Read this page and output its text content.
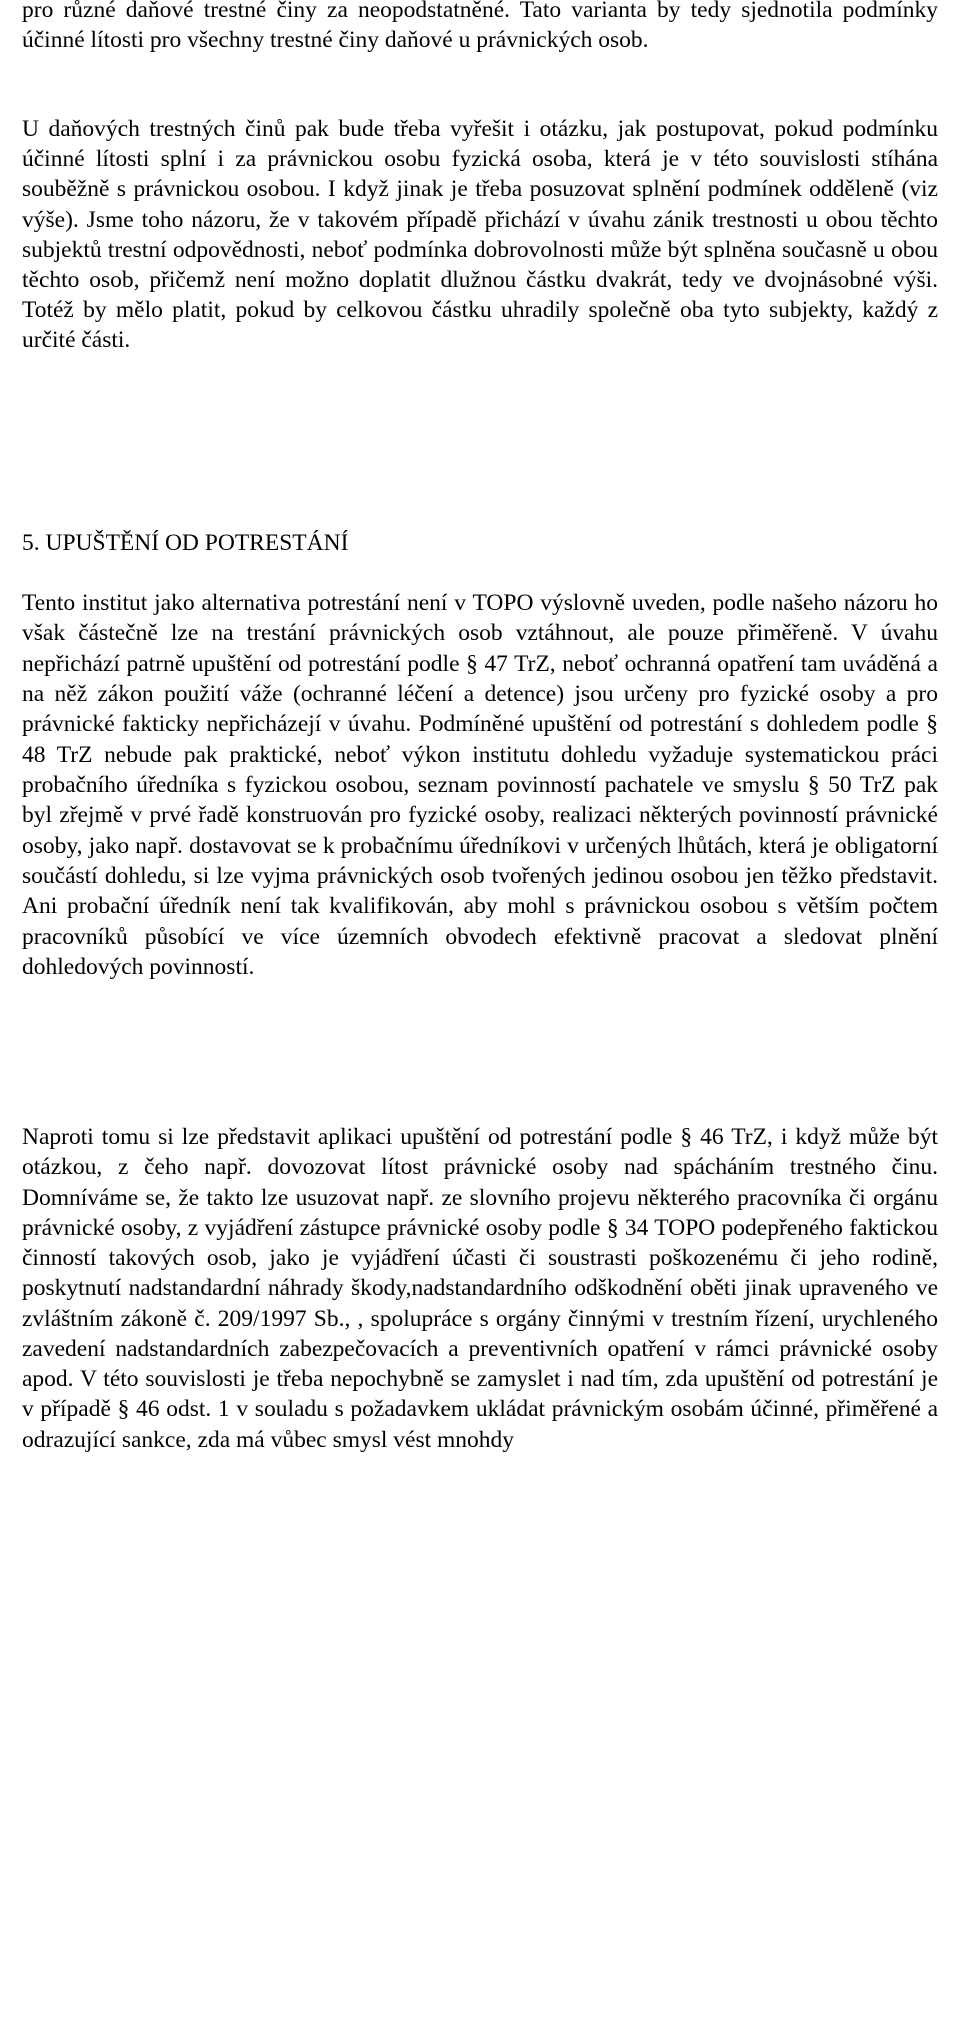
pro různé daňové trestné činy za neopodstatněné. Tato varianta by tedy sjednotila podmínky účinné lítosti pro všechny trestné činy daňové u právnických osob.

U daňových trestných činů pak bude třeba vyřešit i otázku, jak postupovat, pokud podmínku účinné lítosti splní i za právnickou osobu fyzická osoba, která je v této souvislosti stíhána souběžně s právnickou osobou. I když jinak je třeba posuzovat splnění podmínek odděleně (viz výše). Jsme toho názoru, že v takovém případě přichází v úvahu zánik trestnosti u obou těchto subjektů trestní odpovědnosti, neboť podmínka dobrovolnosti může být splněna současně u obou těchto osob, přičemž není možno doplatit dlužnou částku dvakrát, tedy ve dvojnásobné výši. Totéž by mělo platit, pokud by celkovou částku uhradily společně oba tyto subjekty, každý z určité části.

5. UPUŠTĚNÍ OD POTRESTÁNÍ

Tento institut jako alternativa potrestání není v TOPO výslovně uveden, podle našeho názoru ho však částečně lze na trestání právnických osob vztáhnout, ale pouze přiměřeně. V úvahu nepřichází patrně upuštění od potrestání podle § 47 TrZ, neboť ochranná opatření tam uváděná a na něž zákon použití váže (ochranné léčení a detence) jsou určeny pro fyzické osoby a pro právnické fakticky nepřicházejí v úvahu. Podmíněné upuštění od potrestání s dohledem podle § 48 TrZ nebude pak praktické, neboť výkon institutu dohledu vyžaduje systematickou práci probačního úředníka s fyzickou osobou, seznam povinností pachatele ve smyslu § 50 TrZ pak byl zřejmě v prvé řadě konstruován pro fyzické osoby, realizaci některých povinností právnické osoby, jako např. dostavovat se k probačnímu úředníkovi v určených lhůtách, která je obligatorní součástí dohledu, si lze vyjma právnických osob tvořených jedinou osobou jen těžko představit. Ani probační úředník není tak kvalifikován, aby mohl s právnickou osobou s větším počtem pracovníků působící ve více územních obvodech efektivně pracovat a sledovat plnění dohledových povinností.

Naproti tomu si lze představit aplikaci upuštění od potrestání podle § 46 TrZ, i když může být otázkou, z čeho např. dovozovat lítost právnické osoby nad spácháním trestného činu. Domníváme se, že takto lze usuzovat např. ze slovního projevu některého pracovníka či orgánu právnické osoby, z vyjádření zástupce právnické osoby podle § 34 TOPO podepřeného faktickou činností takových osob, jako je vyjádření účasti či soustrasti poškozenému či jeho rodině, poskytnutí nadstandardní náhrady škody,nadstandardního odškodnění oběti jinak upraveného ve zvláštním zákoně č. 209/1997 Sb., , spolupráce s orgány činnými v trestním řízení, urychleného zavedení nadstandardních zabezpečovacích a preventivních opatření v rámci právnické osoby apod. V této souvislosti je třeba nepochybně se zamyslet i nad tím, zda upuštění od potrestání je v případě § 46 odst. 1 v souladu s požadavkem ukládat právnickým osobám účinné, přiměřené a odrazující sankce, zda má vůbec smysl vést mnohdy
